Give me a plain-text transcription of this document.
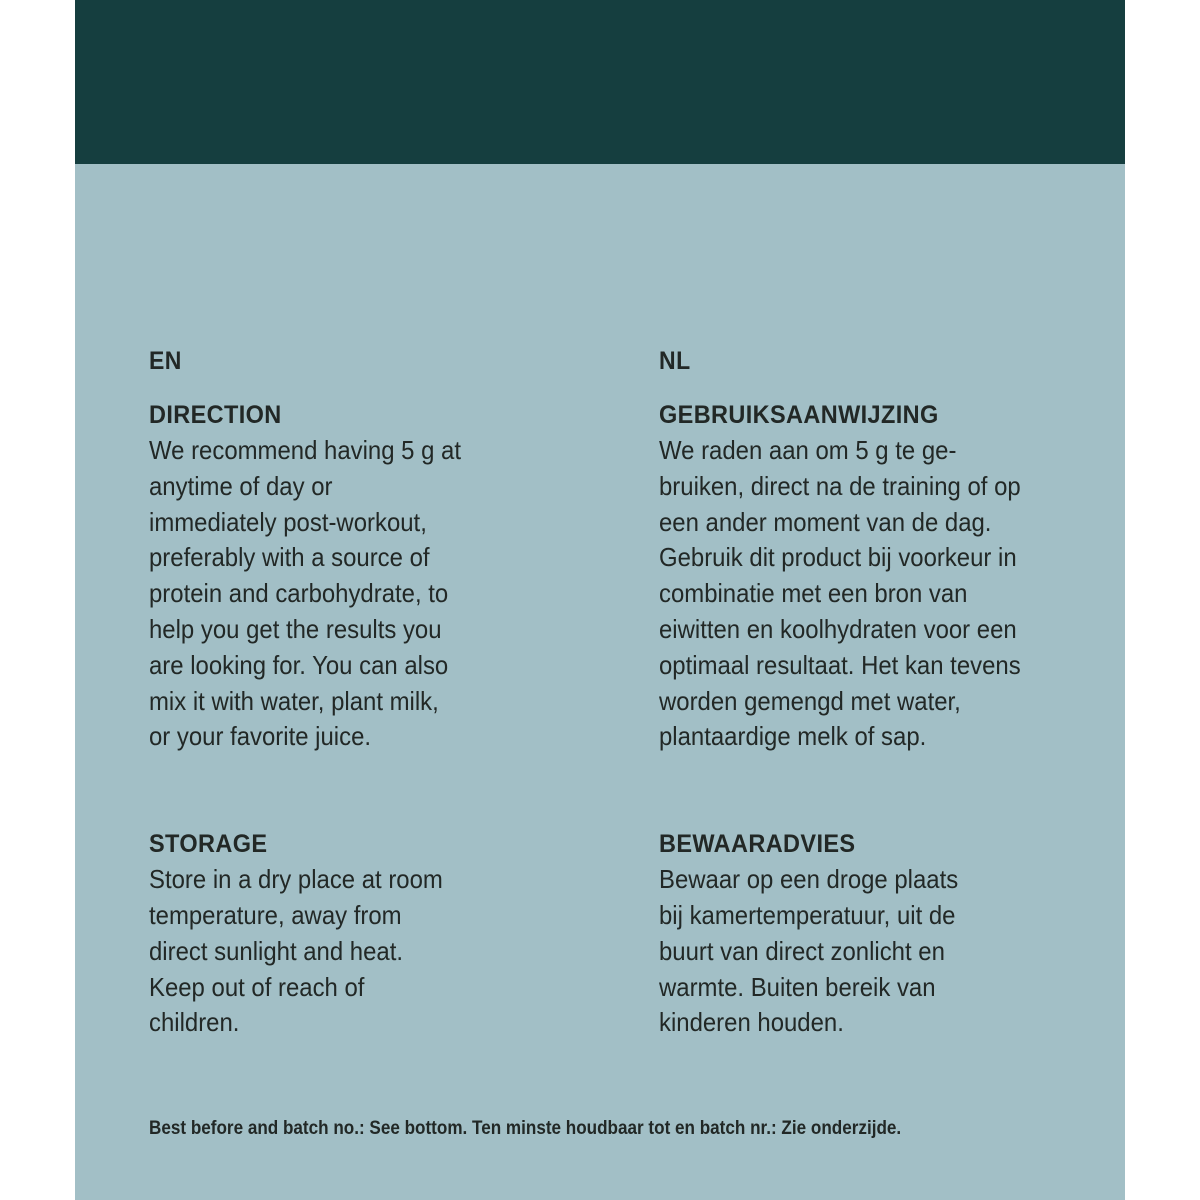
EN
DIRECTION
We recommend having 5 g at
anytime of day or
immediately post-workout,
preferably with a source of
protein and carbohydrate, to
help you get the results you
are looking for. You can also
mix it with water, plant milk,
or your favorite juice.
STORAGE
Store in a dry place at room
temperature, away from
direct sunlight and heat.
Keep out of reach of
children.
NL
GEBRUIKSAANWIJZING
We raden aan om 5 g te ge-
bruiken, direct na de training of op
een ander moment van de dag.
Gebruik dit product bij voorkeur in
combinatie met een bron van
eiwitten en koolhydraten voor een
optimaal resultaat. Het kan tevens
worden gemengd met water,
plantaardige melk of sap.
BEWAARADVIES
Bewaar op een droge plaats
bij kamertemperatuur, uit de
buurt van direct zonlicht en
warmte. Buiten bereik van
kinderen houden.
Best before and batch no.: See bottom. Ten minste houdbaar tot en batch nr.: Zie onderzijde.
